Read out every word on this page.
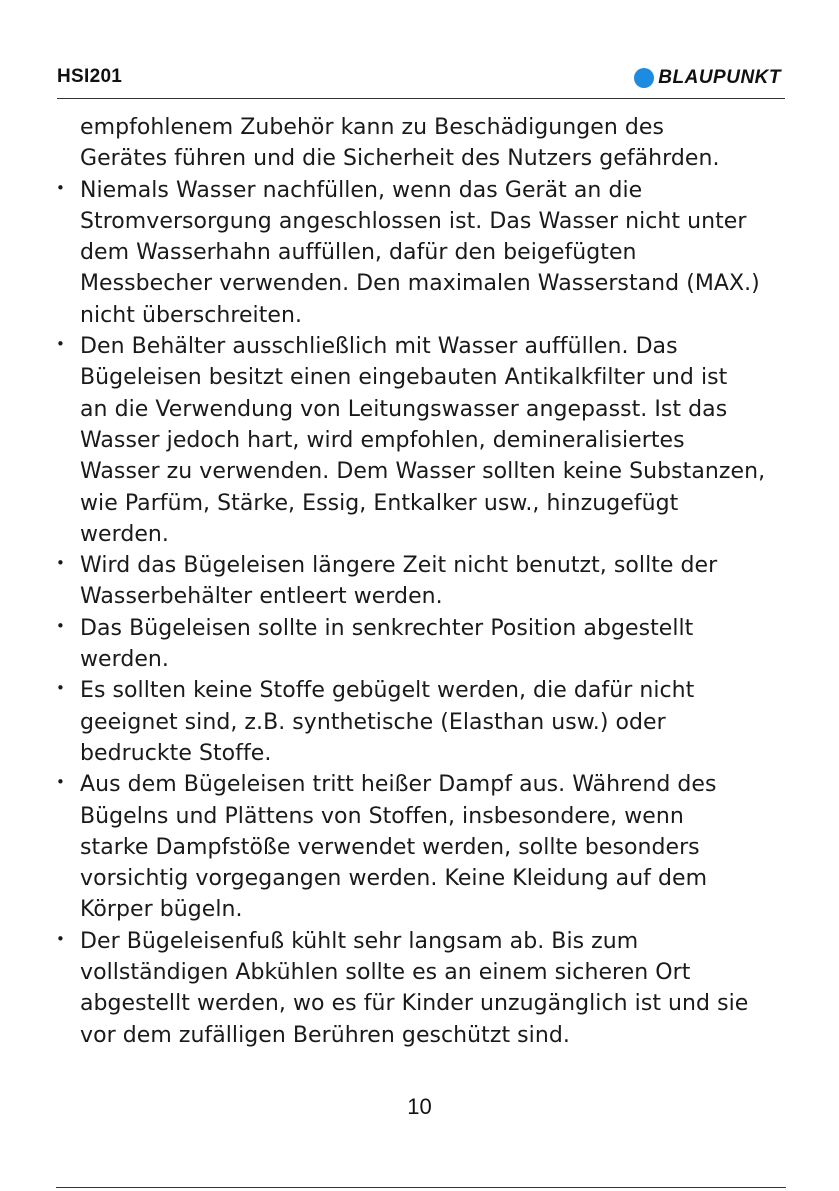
HSI201	BLAUPUNKT
empfohlenem Zubehör kann zu Beschädigungen des
Gerätes führen und die Sicherheit des Nutzers gefährden.
• Niemals Wasser nachfüllen, wenn das Gerät an die
Stromversorgung angeschlossen ist. Das Wasser nicht unter
dem Wasserhahn auffüllen, dafür den beigefügten
Messbecher verwenden. Den maximalen Wasserstand (MAX.)
nicht überschreiten.
• Den Behälter ausschließlich mit Wasser auffüllen. Das
Bügeleisen besitzt einen eingebauten Antikalkfilter und ist
an die Verwendung von Leitungswasser angepasst. Ist das
Wasser jedoch hart, wird empfohlen, demineralisiertes
Wasser zu verwenden. Dem Wasser sollten keine Substanzen,
wie Parfüm, Stärke, Essig, Entkalker usw., hinzugefügt
werden.
• Wird das Bügeleisen längere Zeit nicht benutzt, sollte der
Wasserbehälter entleert werden.
• Das Bügeleisen sollte in senkrechter Position abgestellt
werden.
• Es sollten keine Stoffe gebügelt werden, die dafür nicht
geeignet sind, z.B. synthetische (Elasthan usw.) oder
bedruckte Stoffe.
• Aus dem Bügeleisen tritt heißer Dampf aus. Während des
Bügelns und Plättens von Stoffen, insbesondere, wenn
starke Dampfstöße verwendet werden, sollte besonders
vorsichtig vorgegangen werden. Keine Kleidung auf dem
Körper bügeln.
• Der Bügeleisenfuß kühlt sehr langsam ab. Bis zum
vollständigen Abkühlen sollte es an einem sicheren Ort
abgestellt werden, wo es für Kinder unzugänglich ist und sie
vor dem zufälligen Berühren geschützt sind.
10
